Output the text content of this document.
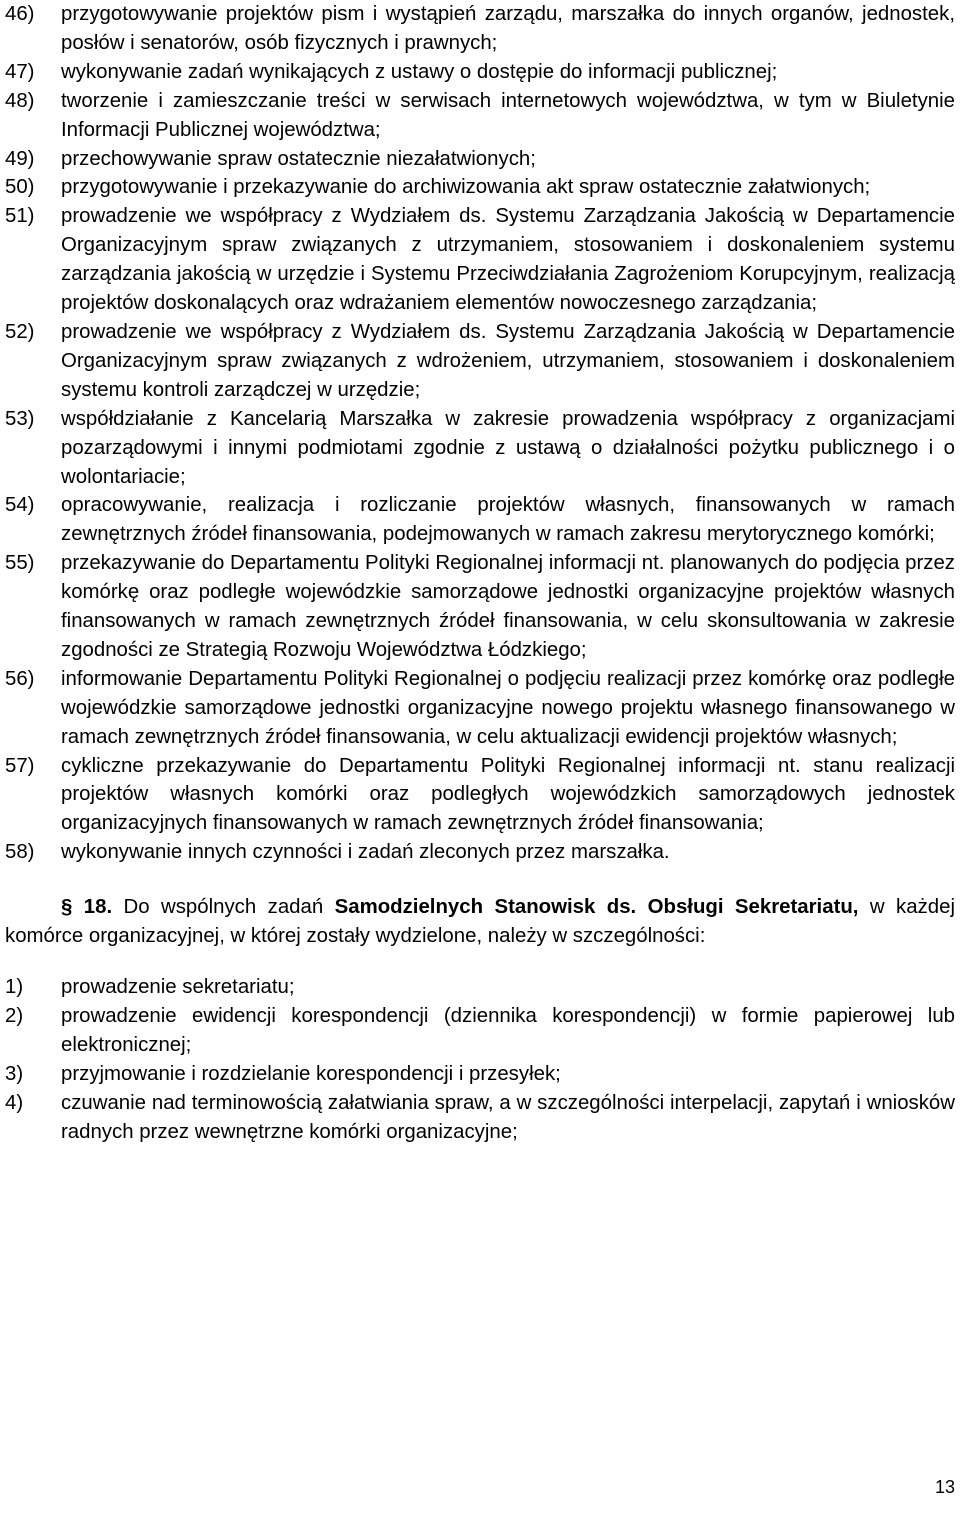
46)	przygotowywanie projektów pism i wystąpień zarządu, marszałka do innych organów, jednostek, posłów i senatorów, osób fizycznych i prawnych;
47)	wykonywanie zadań wynikających z ustawy o dostępie do informacji publicznej;
48)	tworzenie i zamieszczanie treści w serwisach internetowych województwa, w tym w Biuletynie Informacji Publicznej województwa;
49)	przechowywanie spraw ostatecznie niezałatwionych;
50)	przygotowywanie i przekazywanie do archiwizowania akt spraw ostatecznie załatwionych;
51)	prowadzenie we współpracy z Wydziałem ds. Systemu Zarządzania Jakością w Departamencie Organizacyjnym spraw związanych z utrzymaniem, stosowaniem i doskonaleniem systemu zarządzania jakością w urzędzie i Systemu Przeciwdziałania Zagrożeniom Korupcyjnym, realizacją projektów doskonalących oraz wdrażaniem elementów nowoczesnego zarządzania;
52)	prowadzenie we współpracy z Wydziałem ds. Systemu Zarządzania Jakością w Departamencie Organizacyjnym spraw związanych z wdrożeniem, utrzymaniem, stosowaniem i doskonaleniem systemu kontroli zarządczej w urzędzie;
53)	współdziałanie z Kancelarią Marszałka w zakresie prowadzenia współpracy z organizacjami pozarządowymi i innymi podmiotami zgodnie z ustawą o działalności pożytku publicznego i o wolontariacie;
54)	opracowywanie, realizacja i rozliczanie projektów własnych, finansowanych w ramach zewnętrznych źródeł finansowania, podejmowanych w ramach zakresu merytorycznego komórki;
55)	przekazywanie do Departamentu Polityki Regionalnej informacji nt. planowanych do podjęcia przez komórkę oraz podległe wojewódzkie samorządowe jednostki organizacyjne projektów własnych finansowanych w ramach zewnętrznych źródeł finansowania, w celu skonsultowania w zakresie zgodności ze Strategią Rozwoju Województwa Łódzkiego;
56)	informowanie Departamentu Polityki Regionalnej o podjęciu realizacji przez komórkę oraz podległe wojewódzkie samorządowe jednostki organizacyjne nowego projektu własnego finansowanego w ramach zewnętrznych źródeł finansowania, w celu aktualizacji ewidencji projektów własnych;
57)	cykliczne przekazywanie do Departamentu Polityki Regionalnej informacji nt. stanu realizacji projektów własnych komórki oraz podległych wojewódzkich samorządowych jednostek organizacyjnych finansowanych w ramach zewnętrznych źródeł finansowania;
58)	wykonywanie innych czynności i zadań zleconych przez marszałka.
§ 18. Do wspólnych zadań Samodzielnych Stanowisk ds. Obsługi Sekretariatu, w każdej komórce organizacyjnej, w której zostały wydzielone, należy w szczególności:
1)	prowadzenie sekretariatu;
2)	prowadzenie ewidencji korespondencji (dziennika korespondencji) w formie papierowej lub elektronicznej;
3)	przyjmowanie i rozdzielanie korespondencji i przesyłek;
4)	czuwanie nad terminowością załatwiania spraw, a w szczególności interpelacji, zapytań i wniosków radnych przez wewnętrzne komórki organizacyjne;
13
